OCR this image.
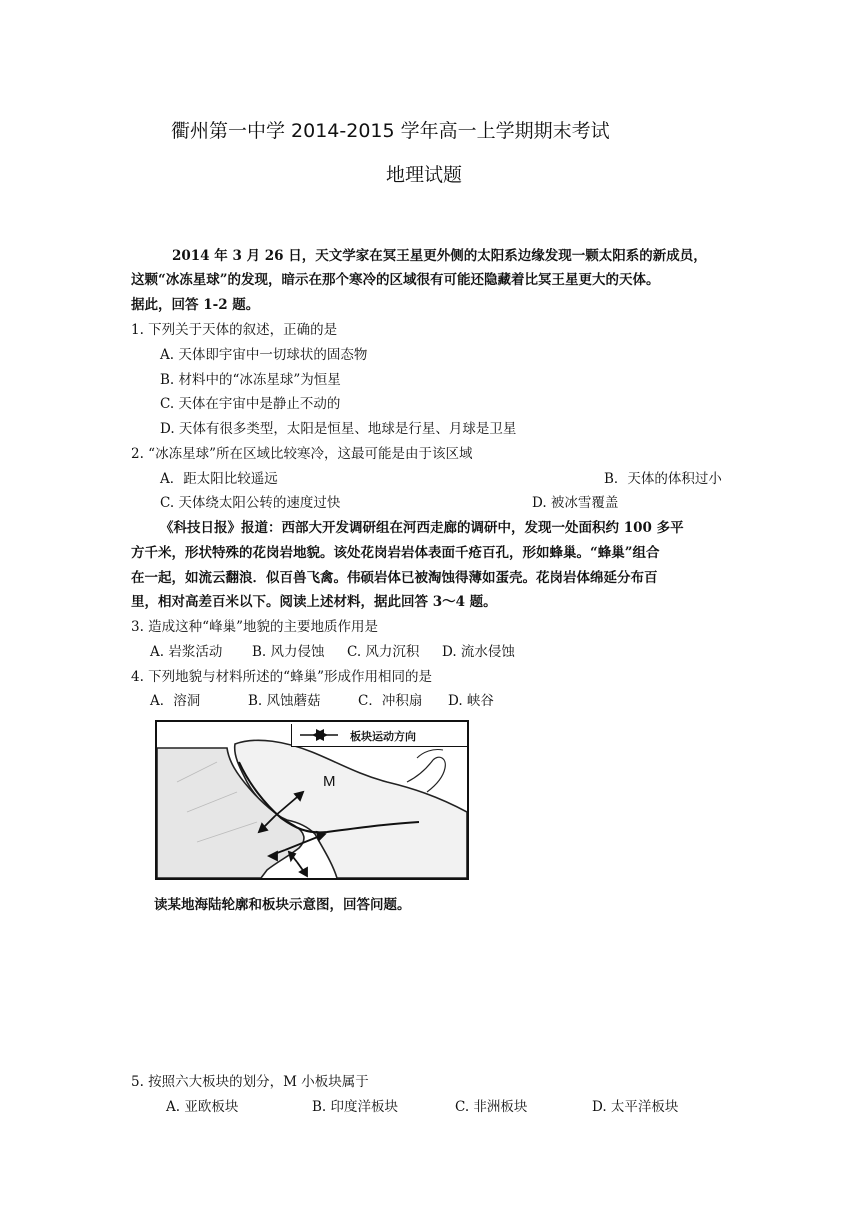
衢州第一中学 2014-2015 学年高一上学期期末考试
地理试题
2014 年 3 月 26 日，天文学家在冥王星更外侧的太阳系边缘发现一颗太阳系的新成员，
这颗“冰冻星球”的发现，暗示在那个寒冷的区域很有可能还隐藏着比冥王星更大的天体。
据此，回答 1-2 题。
1. 下列关于天体的叙述，正确的是
A. 天体即宇宙中一切球状的固态物
B. 材料中的“冰冻星球”为恒星
C. 天体在宇宙中是静止不动的
D. 天体有很多类型，太阳是恒星、地球是行星、月球是卫星
2. “冰冻星球”所在区域比较寒冷，这最可能是由于该区域
A．距太阳比较遥远	B．天体的体积过小
C. 天体绕太阳公转的速度过快	D. 被冰雪覆盖
《科技日报》报道：西部大开发调研组在河西走廊的调研中，发现一处面积约 100 多平
方千米，形状特殊的花岗岩地貌。该处花岗岩岩体表面千疮百孔，形如蜂巢。“蜂巢”组合
在一起，如流云翻浪．似百兽飞禽。伟硕岩体已被淘蚀得薄如蛋壳。花岗岩体绵延分布百
里，相对高差百米以下。阅读上述材料，据此回答 3～4 题。
3. 造成这种“峰巢”地貌的主要地质作用是
A. 岩浆活动 B. 风力侵蚀 C. 风力沉积 D. 流水侵蚀
4. 下列地貌与材料所述的“蜂巢”形成作用相同的是
A．溶洞	B. 风蚀蘑菇	C．冲积扇 D. 峡谷
M
板块运动方向
读某地海陆轮廓和板块示意图，回答问题。
5. 按照六大板块的划分，M 小板块属于
A. 亚欧板块	B. 印度洋板块	C. 非洲板块	D. 太平洋板块
